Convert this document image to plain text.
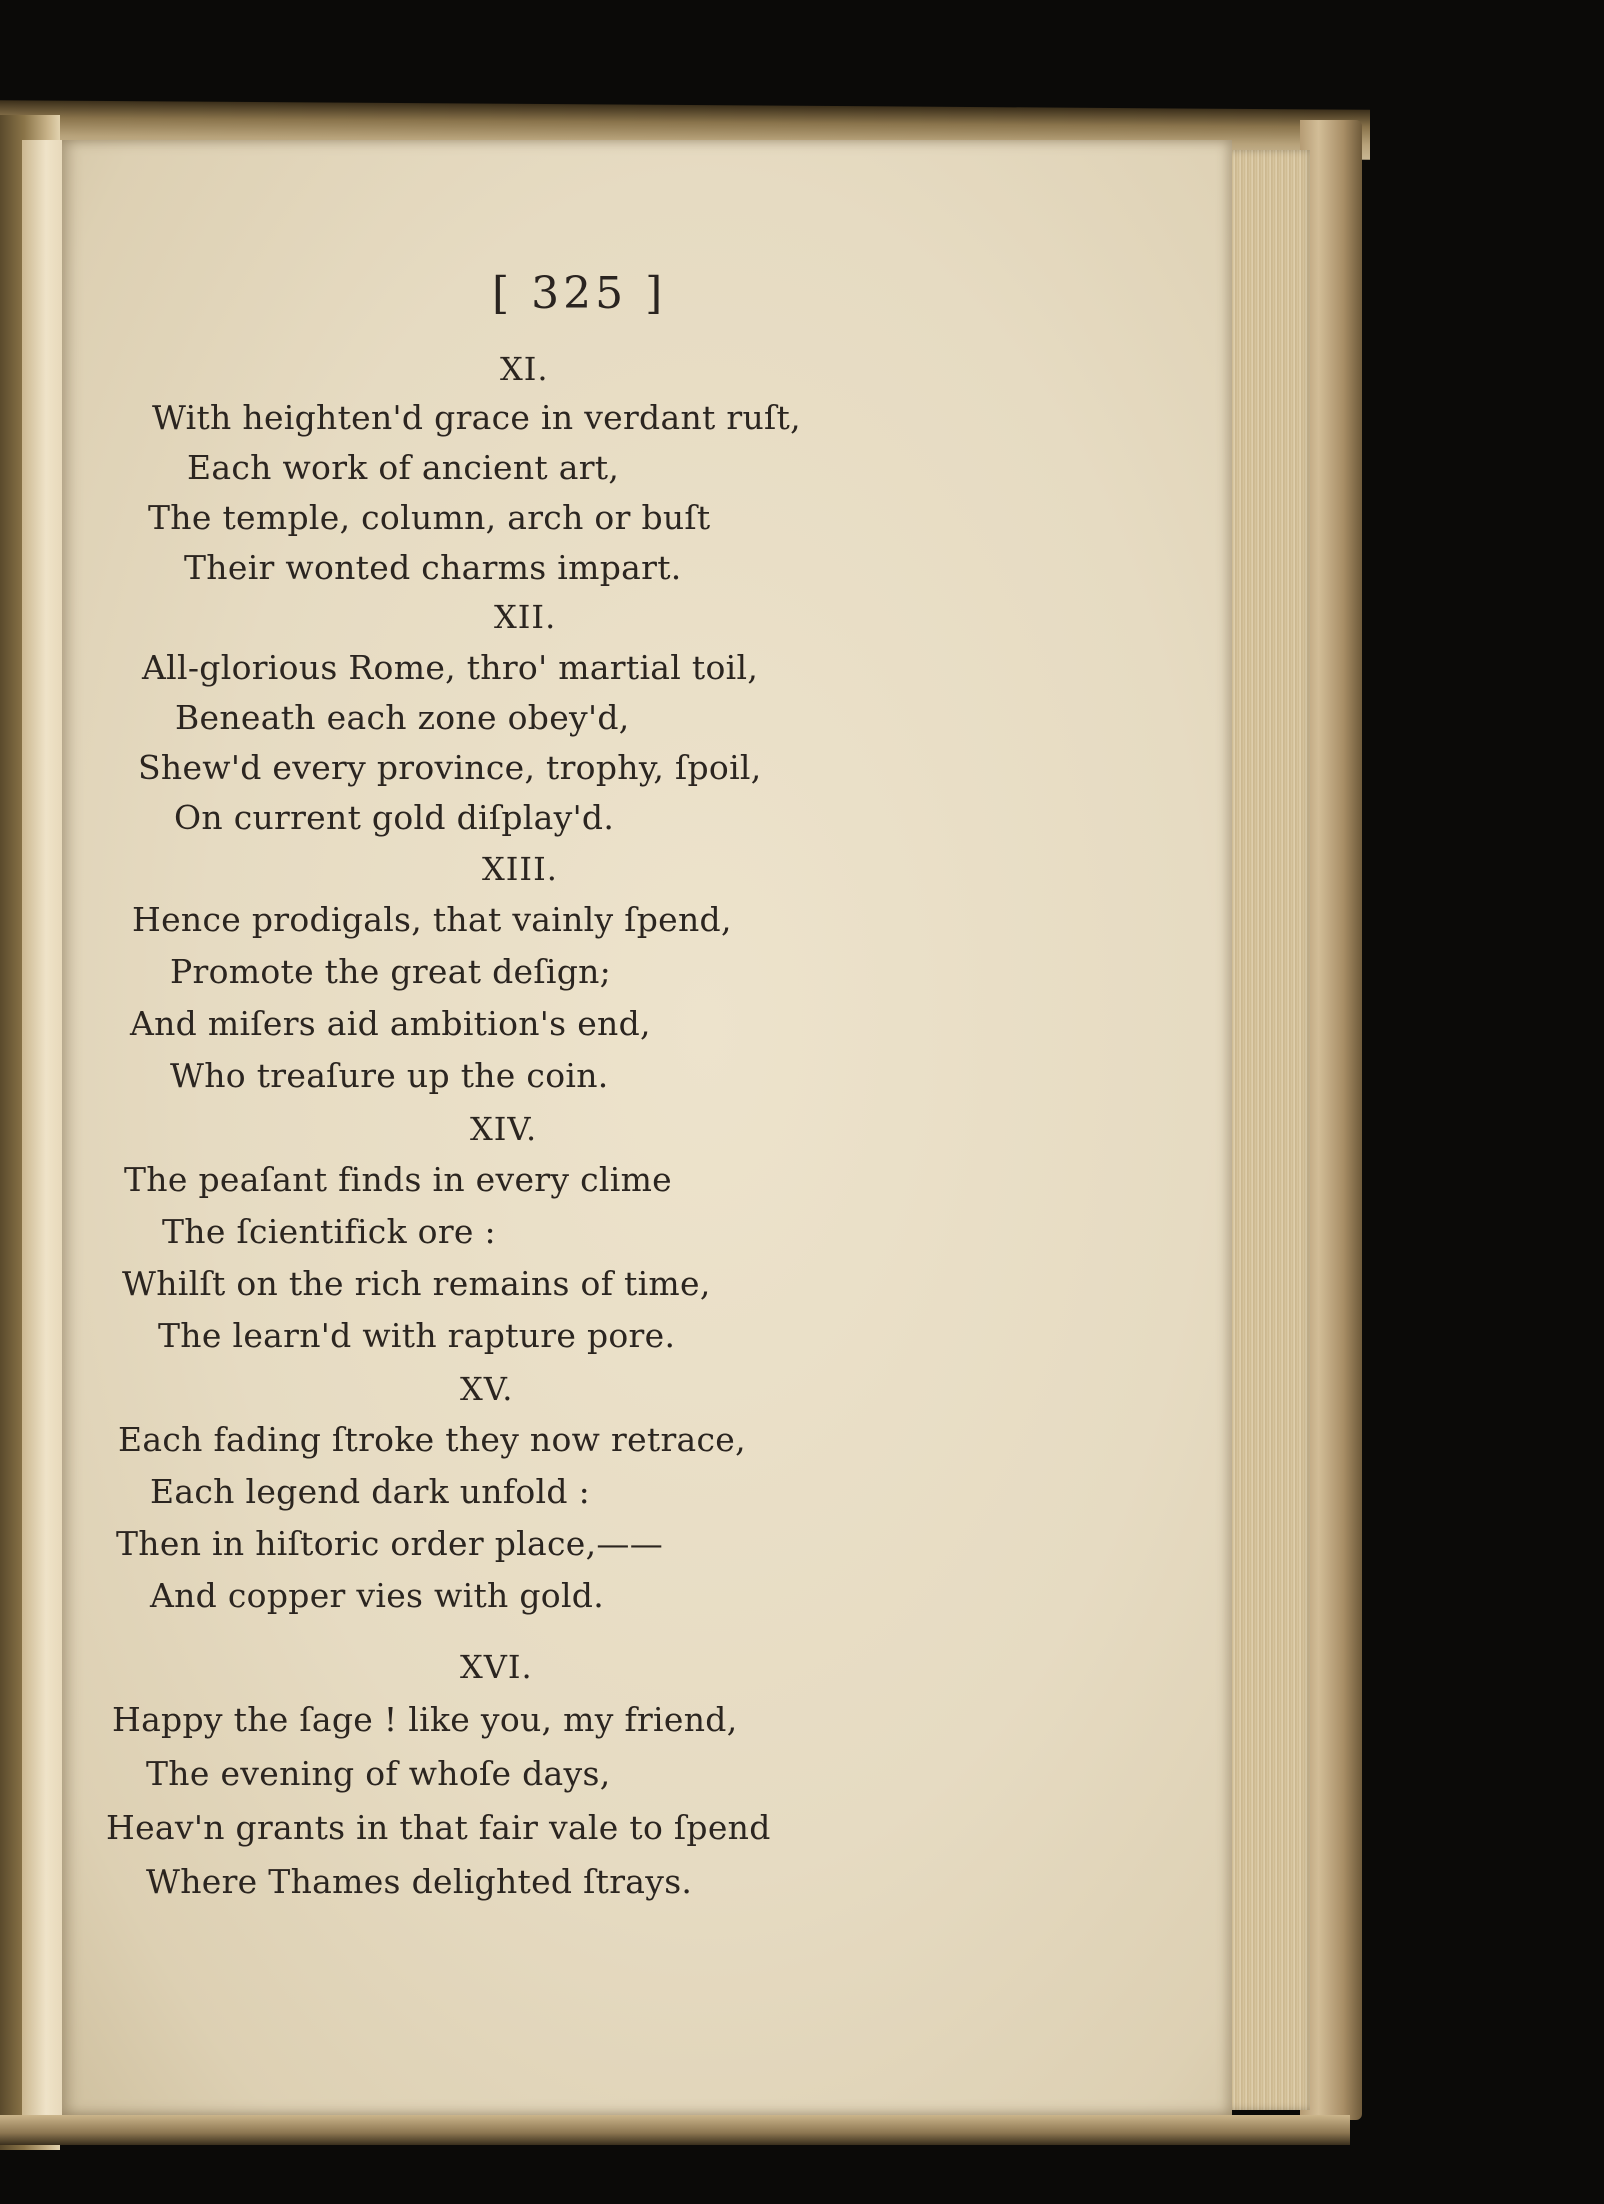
[ 325 ]
XI.
With heighten'd grace in verdant ruſt,
Each work of ancient art,
The temple, column, arch or buſt
Their wonted charms impart.
XII.
All-glorious Rome, thro' martial toil,
Beneath each zone obey'd,
Shew'd every province, trophy, ſpoil,
On current gold diſplay'd.
XIII.
Hence prodigals, that vainly ſpend,
Promote the great deſign;
And miſers aid ambition's end,
Who treaſure up the coin.
XIV.
The peaſant finds in every clime
The ſcientifick ore :
Whilſt on the rich remains of time,
The learn'd with rapture pore.
XV.
Each fading ſtroke they now retrace,
Each legend dark unfold :
Then in hiſtoric order place,——
And copper vies with gold.
XVI.
Happy the ſage ! like you, my friend,
The evening of whoſe days,
Heav'n grants in that fair vale to ſpend
Where Thames delighted ſtrays.
